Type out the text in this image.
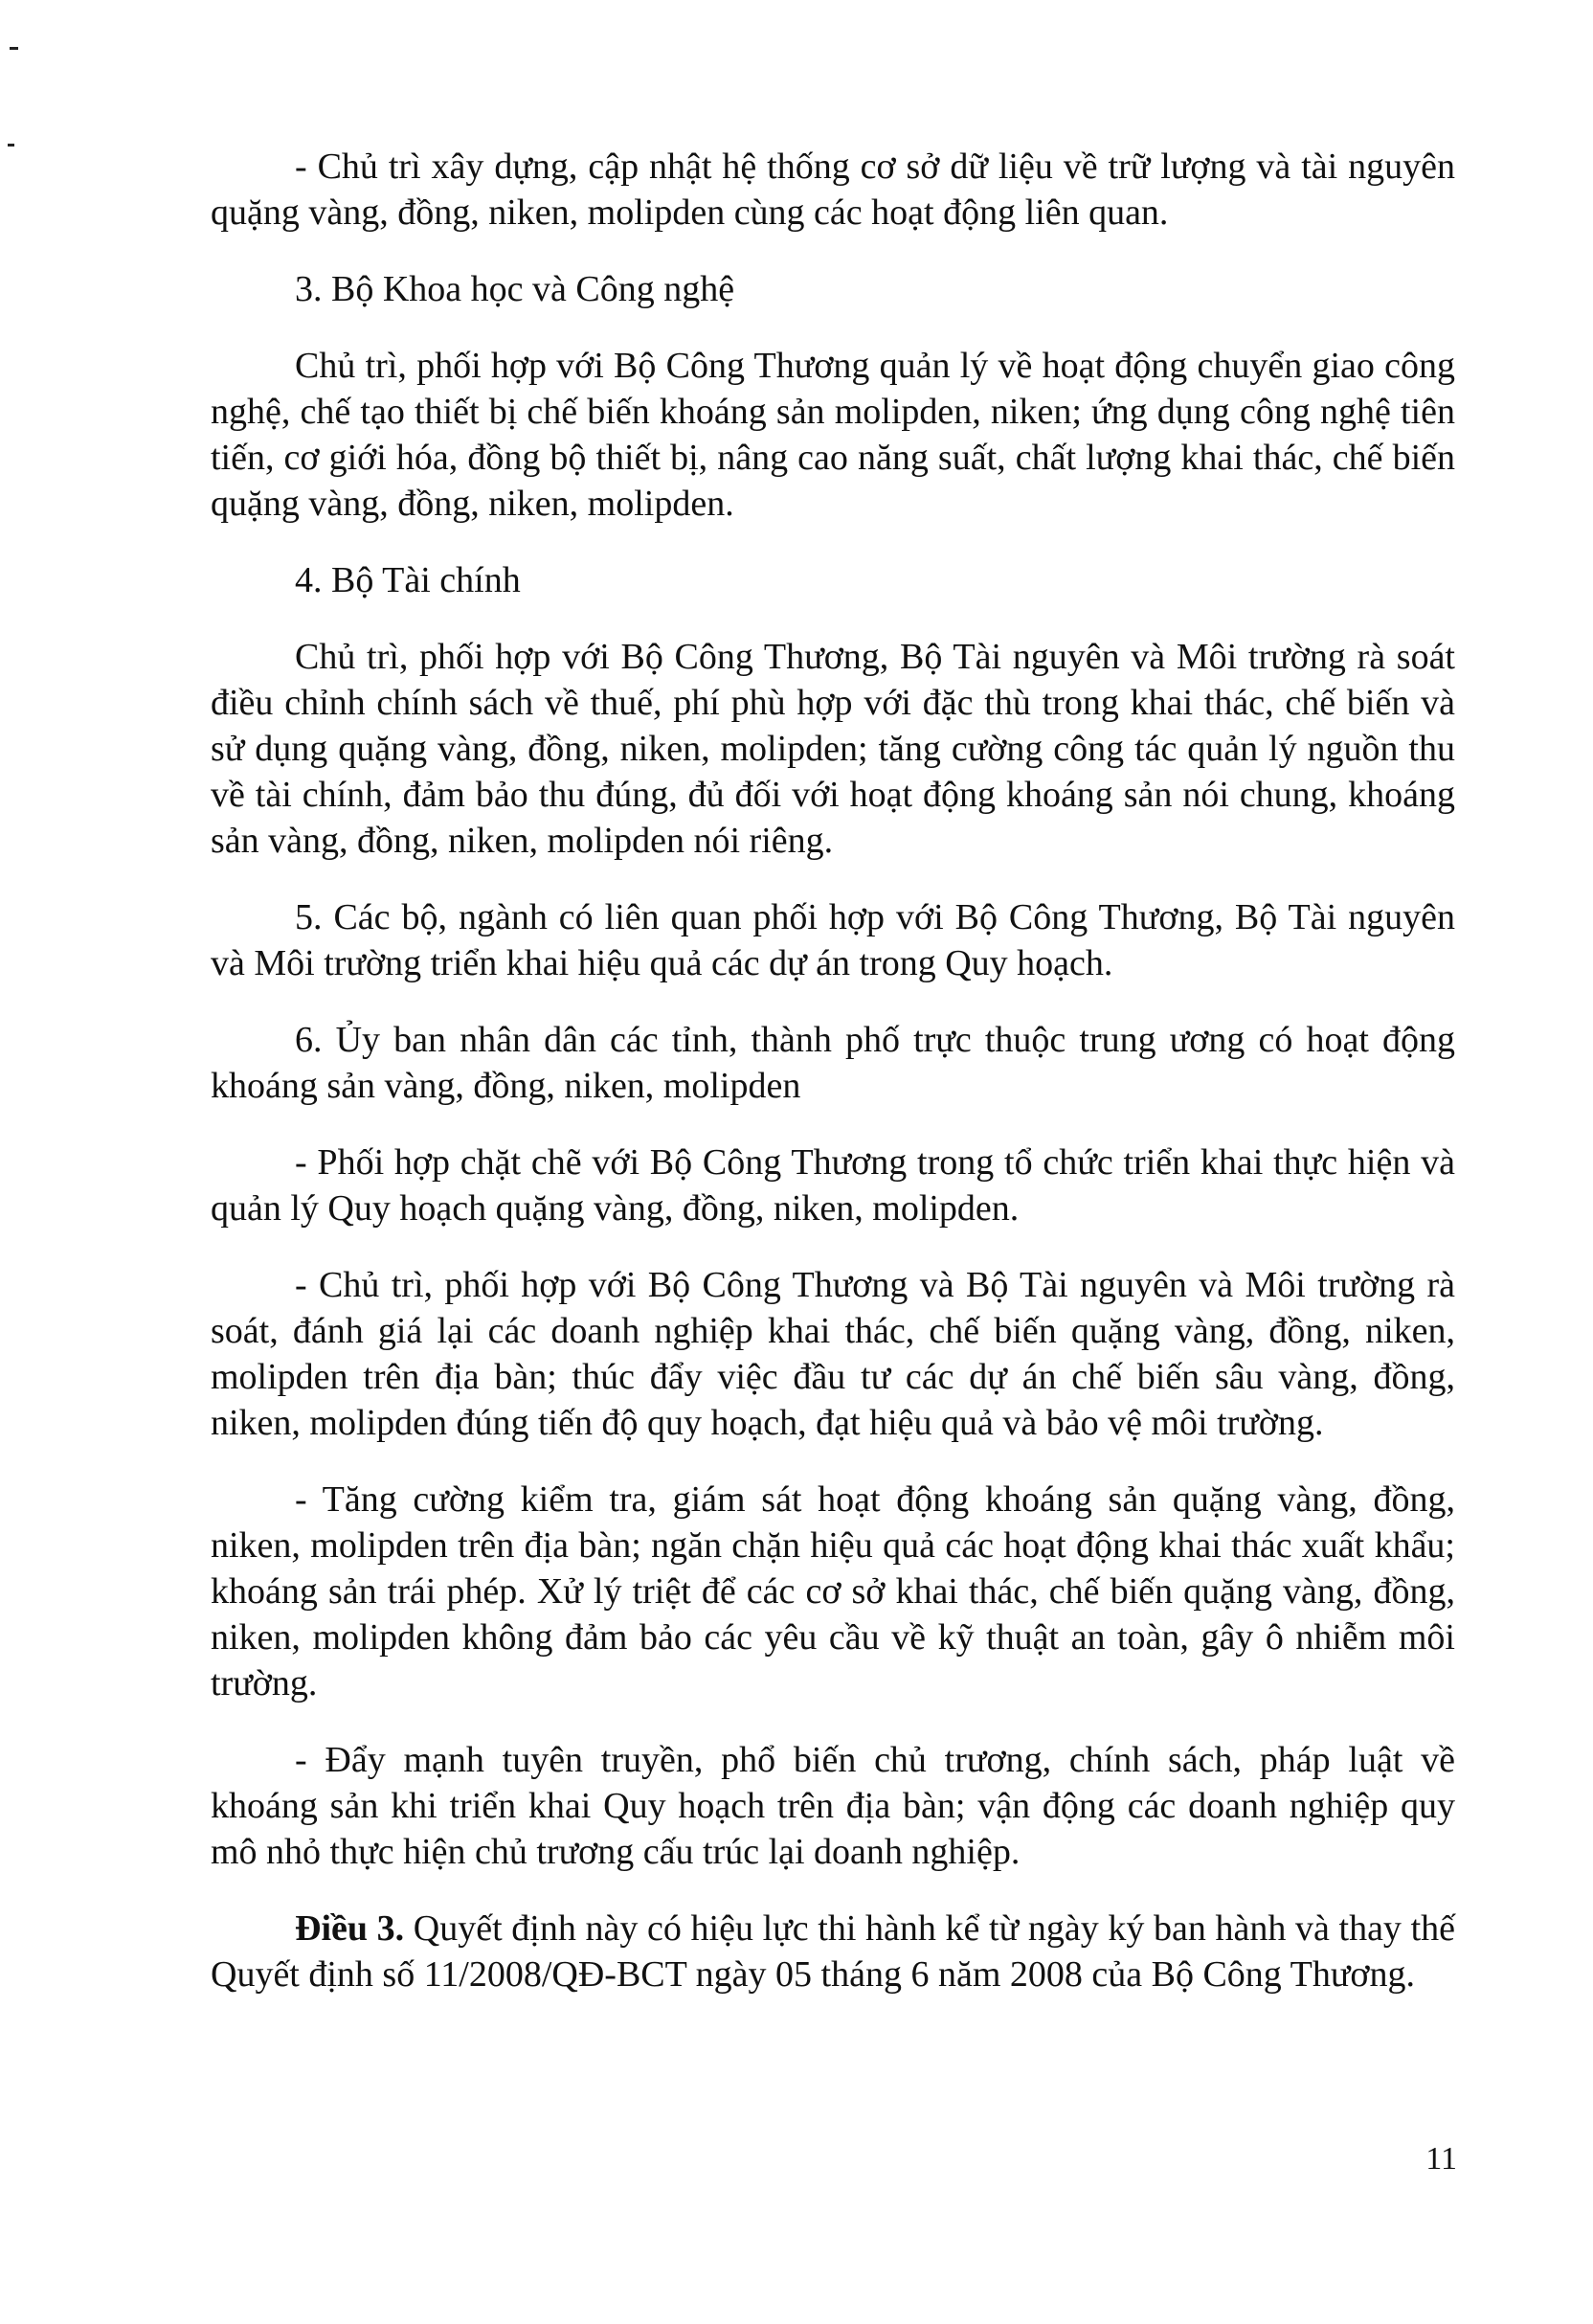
- Chủ trì xây dựng, cập nhật hệ thống cơ sở dữ liệu về trữ lượng và tài nguyên quặng vàng, đồng, niken, molipden cùng các hoạt động liên quan.

3. Bộ Khoa học và Công nghệ

Chủ trì, phối hợp với Bộ Công Thương quản lý về hoạt động chuyển giao công nghệ, chế tạo thiết bị chế biến khoáng sản molipden, niken; ứng dụng công nghệ tiên tiến, cơ giới hóa, đồng bộ thiết bị, nâng cao năng suất, chất lượng khai thác, chế biến quặng vàng, đồng, niken, molipden.

4. Bộ Tài chính

Chủ trì, phối hợp với Bộ Công Thương, Bộ Tài nguyên và Môi trường rà soát điều chỉnh chính sách về thuế, phí phù hợp với đặc thù trong khai thác, chế biến và sử dụng quặng vàng, đồng, niken, molipden; tăng cường công tác quản lý nguồn thu về tài chính, đảm bảo thu đúng, đủ đối với hoạt động khoáng sản nói chung, khoáng sản vàng, đồng, niken, molipden nói riêng.

5. Các bộ, ngành có liên quan phối hợp với Bộ Công Thương, Bộ Tài nguyên và Môi trường triển khai hiệu quả các dự án trong Quy hoạch.

6. Ủy ban nhân dân các tỉnh, thành phố trực thuộc trung ương có hoạt động khoáng sản vàng, đồng, niken, molipden

- Phối hợp chặt chẽ với Bộ Công Thương trong tổ chức triển khai thực hiện và quản lý Quy hoạch quặng vàng, đồng, niken, molipden.

- Chủ trì, phối hợp với Bộ Công Thương và Bộ Tài nguyên và Môi trường rà soát, đánh giá lại các doanh nghiệp khai thác, chế biến quặng vàng, đồng, niken, molipden trên địa bàn; thúc đẩy việc đầu tư các dự án chế biến sâu vàng, đồng, niken, molipden đúng tiến độ quy hoạch, đạt hiệu quả và bảo vệ môi trường.

- Tăng cường kiểm tra, giám sát hoạt động khoáng sản quặng vàng, đồng, niken, molipden trên địa bàn; ngăn chặn hiệu quả các hoạt động khai thác xuất khẩu; khoáng sản trái phép. Xử lý triệt để các cơ sở khai thác, chế biến quặng vàng, đồng, niken, molipden không đảm bảo các yêu cầu về kỹ thuật an toàn, gây ô nhiễm môi trường.

- Đẩy mạnh tuyên truyền, phổ biến chủ trương, chính sách, pháp luật về khoáng sản khi triển khai Quy hoạch trên địa bàn; vận động các doanh nghiệp quy mô nhỏ thực hiện chủ trương cấu trúc lại doanh nghiệp.

Điều 3. Quyết định này có hiệu lực thi hành kể từ ngày ký ban hành và thay thế Quyết định số 11/2008/QĐ-BCT ngày 05 tháng 6 năm 2008 của Bộ Công Thương.

11
